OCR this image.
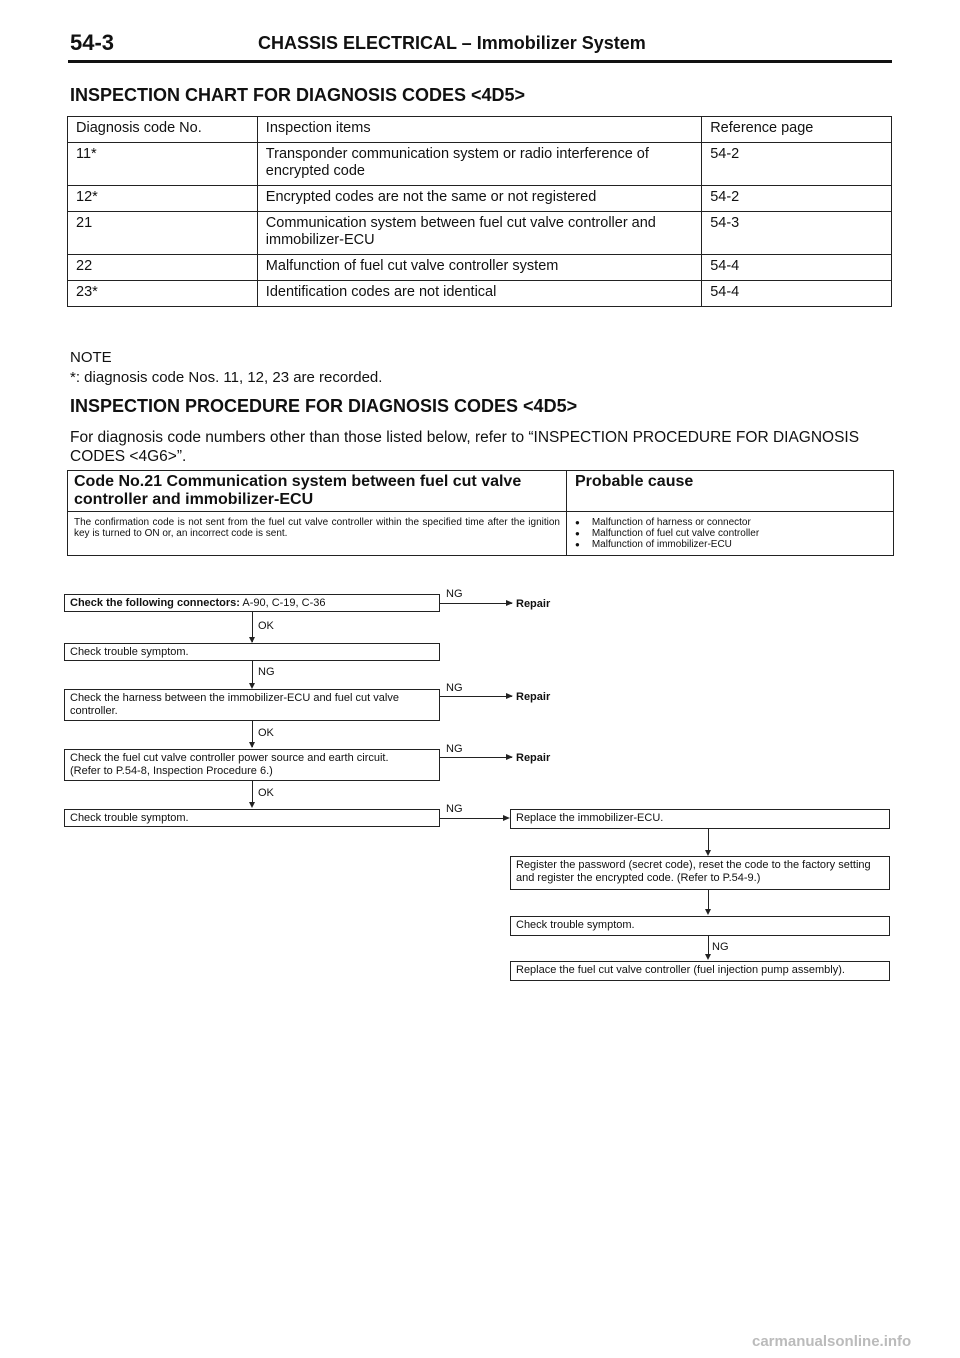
54-3	CHASSIS ELECTRICAL – Immobilizer System
INSPECTION CHART FOR DIAGNOSIS CODES <4D5>
Diagnosis code No.	Inspection items	Reference page
11*	Transponder communication system or radio interference of encrypted code	54-2
12*	Encrypted codes are not the same or not registered	54-2
21	Communication system between fuel cut valve controller and immobilizer-ECU	54-3
22	Malfunction of fuel cut valve controller system	54-4
23*	Identification codes are not identical	54-4
NOTE
*: diagnosis code Nos. 11, 12, 23 are recorded.
INSPECTION PROCEDURE FOR DIAGNOSIS CODES <4D5>
For diagnosis code numbers other than those listed below, refer to “INSPECTION PROCEDURE FOR DIAGNOSIS CODES <4G6>”.
Code No.21 Communication system between fuel cut valve controller and immobilizer-ECU
Probable cause
The confirmation code is not sent from the fuel cut valve controller within the specified time after the ignition key is turned to ON or, an incorrect code is sent.
● Malfunction of harness or connector
● Malfunction of fuel cut valve controller
● Malfunction of immobilizer-ECU
Check the following connectors: A-90, C-19, C-36
NG
Repair
OK
Check trouble symptom.
NG
Check the harness between the immobilizer-ECU and fuel cut valve controller.
NG
Repair
OK
Check the fuel cut valve controller power source and earth circuit.
(Refer to P.54-8, Inspection Procedure 6.)
NG
Repair
OK
Check trouble symptom.
NG
Replace the immobilizer-ECU.
Register the password (secret code), reset the code to the factory setting and register the encrypted code. (Refer to P.54-9.)
Check trouble symptom.
NG
Replace the fuel cut valve controller (fuel injection pump assembly).
carmanualsonline.info
